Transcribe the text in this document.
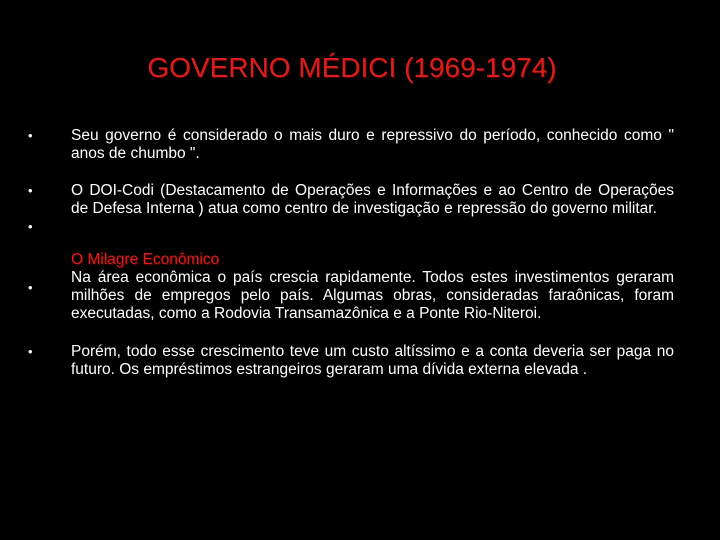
GOVERNO MÉDICI (1969-1974)
•	Seu governo é considerado o mais duro e repressivo do período, conhecido como " anos de chumbo ".
•	O DOI-Codi (Destacamento de Operações e Informações e ao Centro de Operações de Defesa Interna ) atua como centro de investigação e repressão do governo militar.
•
•
O Milagre Econômico
Na área econômica o país crescia rapidamente. Todos estes investimentos geraram milhões de empregos pelo país. Algumas obras, consideradas faraônicas, foram executadas, como a Rodovia Transamazônica e a Ponte Rio-Niteroi.
•	Porém, todo esse crescimento teve um custo altíssimo e a conta deveria ser paga no futuro. Os empréstimos estrangeiros geraram uma dívida externa elevada .
